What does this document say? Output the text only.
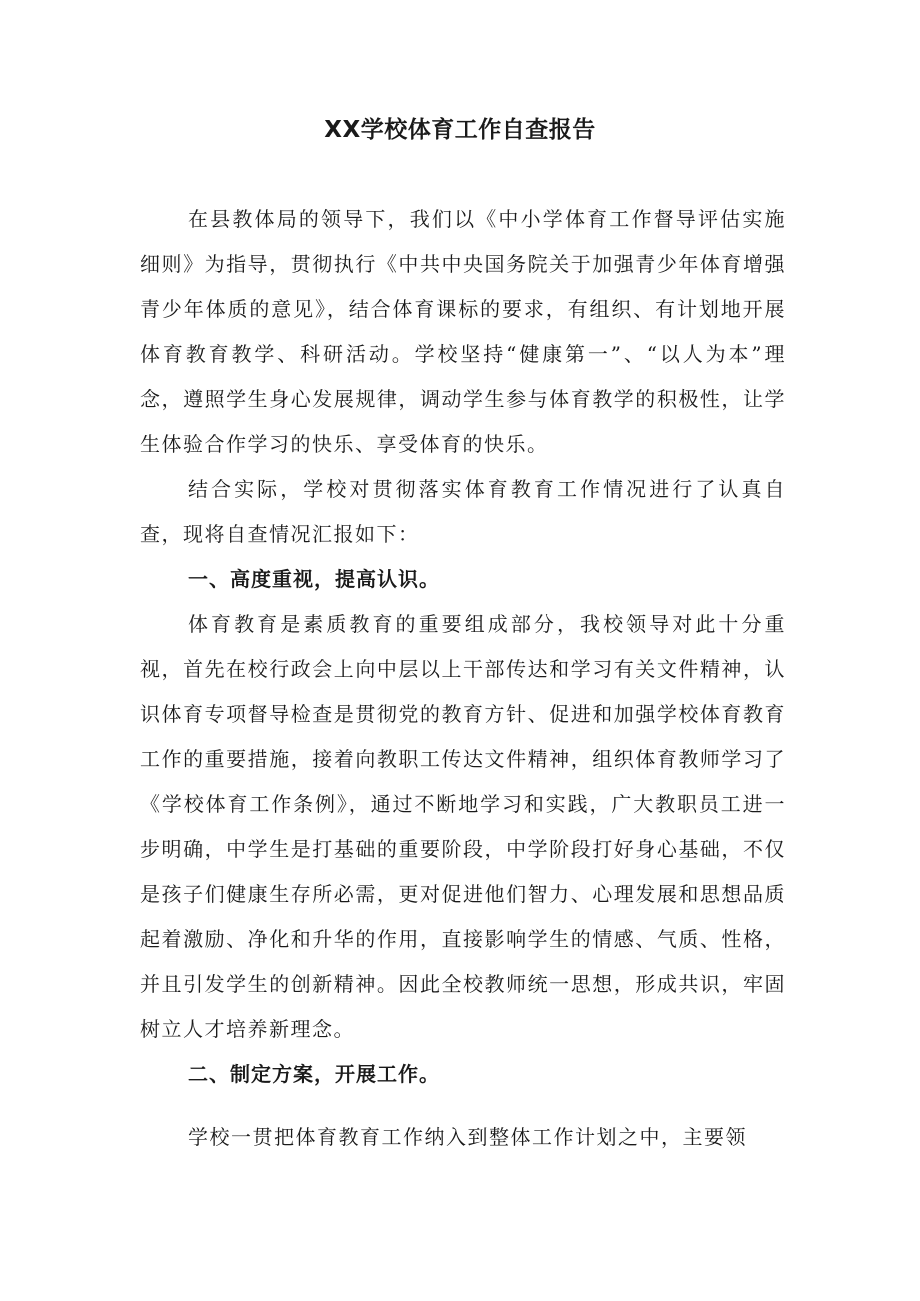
XX学校体育工作自查报告

在县教体局的领导下，我们以《中小学体育工作督导评估实施细则》为指导，贯彻执行《中共中央国务院关于加强青少年体育增强青少年体质的意见》，结合体育课标的要求，有组织、有计划地开展体育教育教学、科研活动。学校坚持“健康第一”、“以人为本”理念，遵照学生身心发展规律，调动学生参与体育教学的积极性，让学生体验合作学习的快乐、享受体育的快乐。

结合实际，学校对贯彻落实体育教育工作情况进行了认真自查，现将自查情况汇报如下：

一、高度重视，提高认识。

体育教育是素质教育的重要组成部分，我校领导对此十分重视，首先在校行政会上向中层以上干部传达和学习有关文件精神，认识体育专项督导检查是贯彻党的教育方针、促进和加强学校体育教育工作的重要措施，接着向教职工传达文件精神，组织体育教师学习了《学校体育工作条例》，通过不断地学习和实践，广大教职员工进一步明确，中学生是打基础的重要阶段，中学阶段打好身心基础，不仅是孩子们健康生存所必需，更对促进他们智力、心理发展和思想品质起着激励、净化和升华的作用，直接影响学生的情感、气质、性格，并且引发学生的创新精神。因此全校教师统一思想，形成共识，牢固树立人才培养新理念。

二、制定方案，开展工作。

学校一贯把体育教育工作纳入到整体工作计划之中，主要领
